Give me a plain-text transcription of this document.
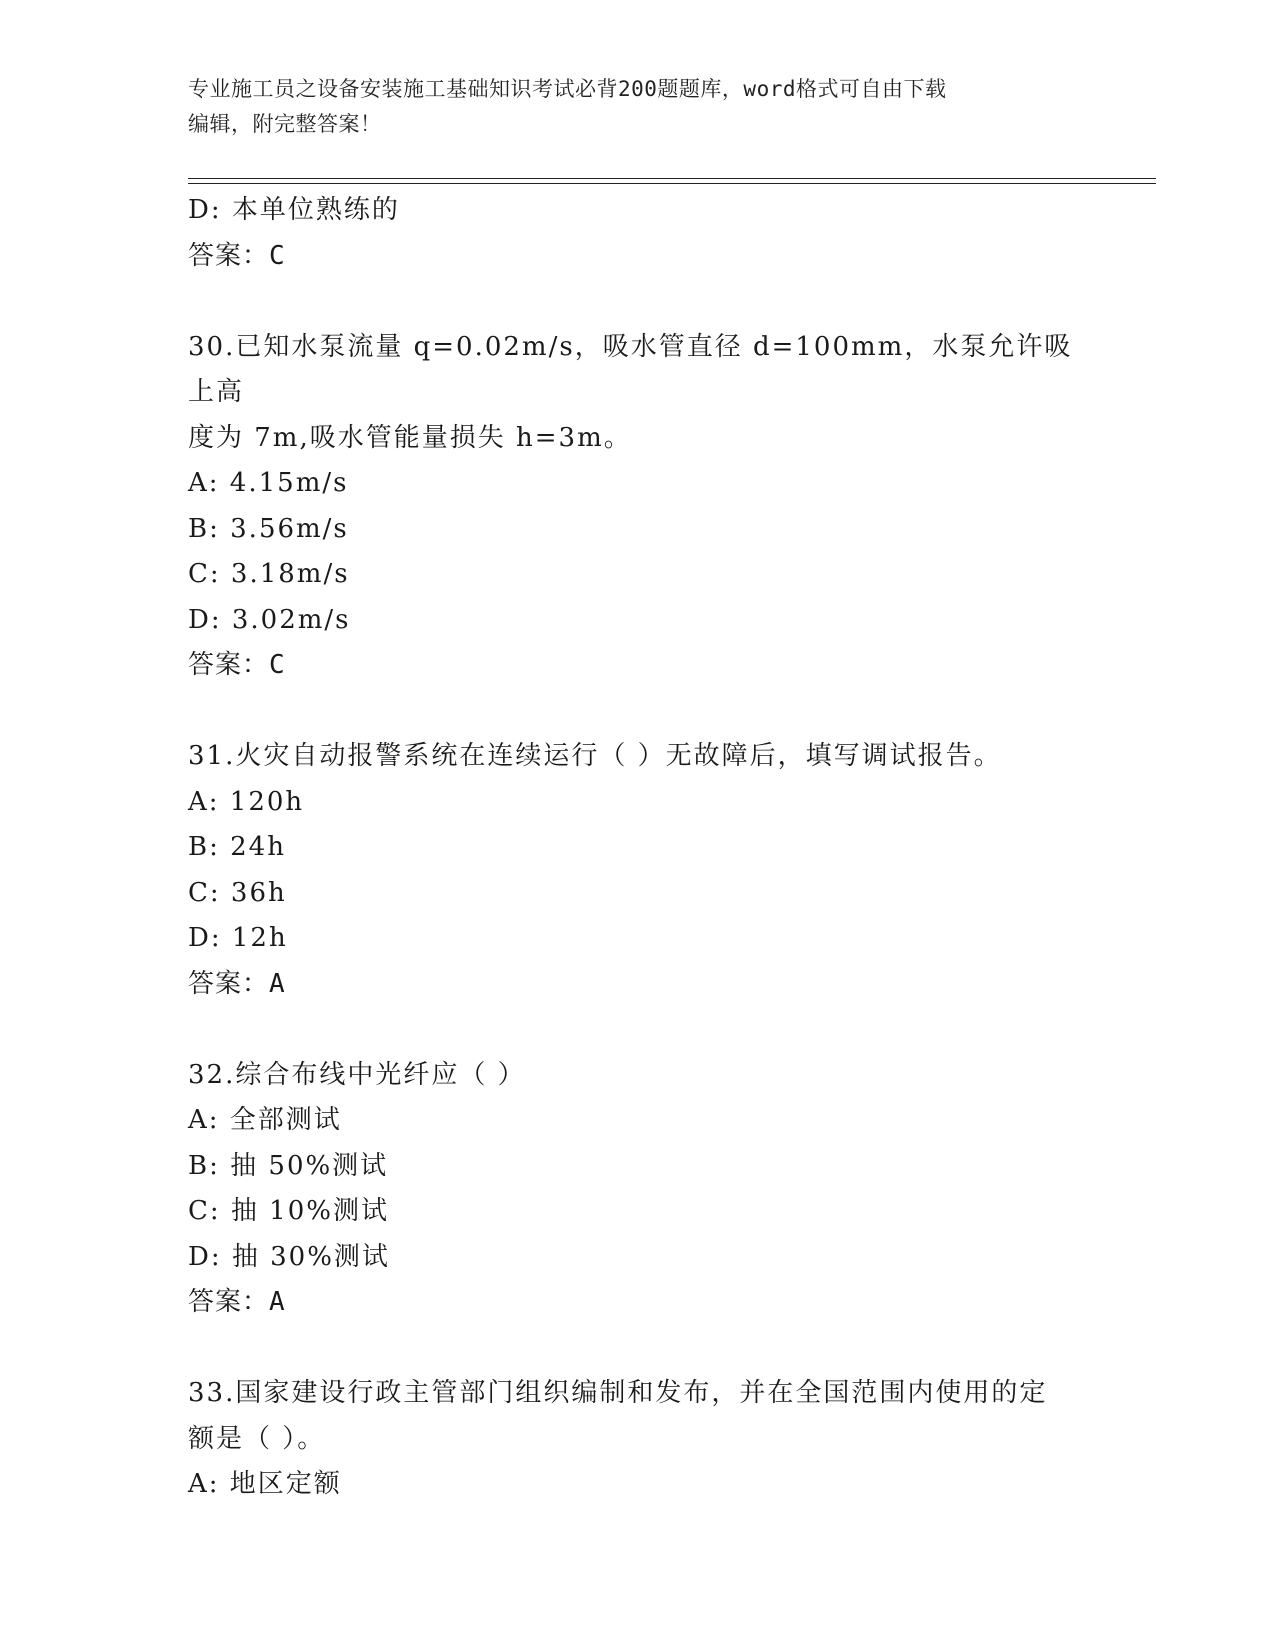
专业施工员之设备安装施工基础知识考试必背200题题库，word格式可自由下载
编辑，附完整答案！
D: 本单位熟练的
答案：C
30.已知水泵流量 q=0.02m/s，吸水管直径 d=100mm，水泵允许吸上高
度为 7m,吸水管能量损失 h=3m。
A: 4.15m/s
B: 3.56m/s
C: 3.18m/s
D: 3.02m/s
答案：C
31.火灾自动报警系统在连续运行（ ）无故障后，填写调试报告。
A: 120h
B: 24h
C: 36h
D: 12h
答案：A
32.综合布线中光纤应（ ）
A: 全部测试
B: 抽 50%测试
C: 抽 10%测试
D: 抽 30%测试
答案：A
33.国家建设行政主管部门组织编制和发布，并在全国范围内使用的定
额是（ ）。
A: 地区定额
